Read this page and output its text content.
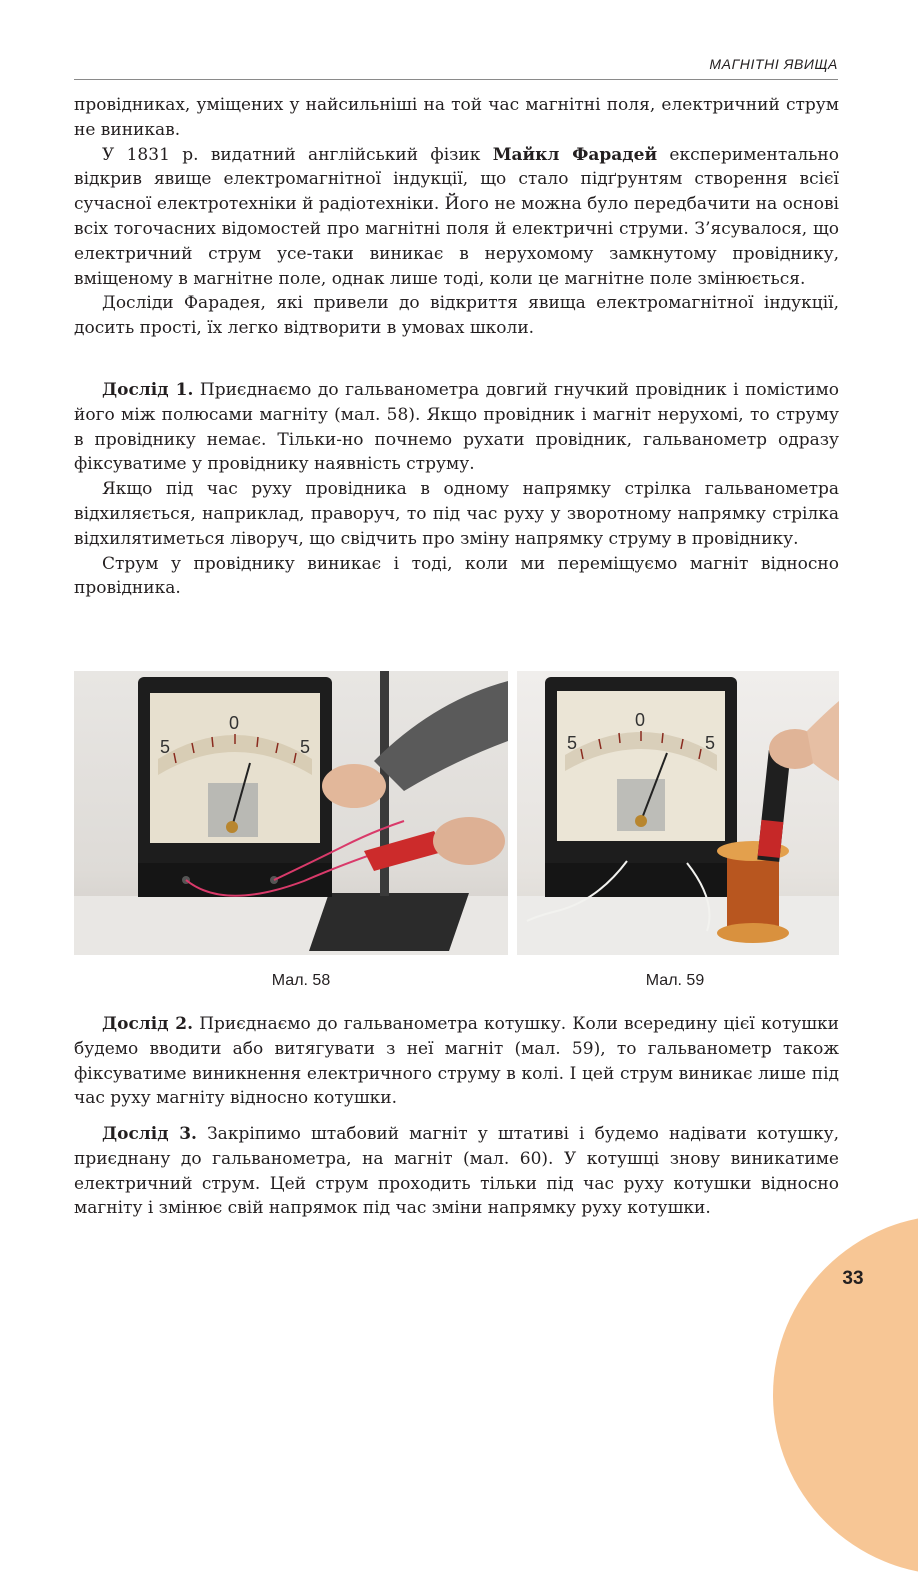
МАГНІТНІ ЯВИЩА

провідниках, уміщених у найсильніші на той час магнітні поля, електричний струм не виникав.

У 1831 р. видатний англійський фізик Майкл Фарадей експериментально відкрив явище електромагнітної індукції, що стало підґрунтям створення всієї сучасної електротехніки й радіотехніки. Його не можна було передбачити на основі всіх тогочасних відомостей про магнітні поля й електричні струми. З’ясувалося, що електричний струм усе-таки виникає в нерухомому замкнутому провіднику, вміщеному в магнітне поле, однак лише тоді, коли це магнітне поле змінюється.

Досліди Фарадея, які привели до відкриття явища електромагнітної індукції, досить прості, їх легко відтворити в умовах школи.

Дослід 1. Приєднаємо до гальванометра довгий гнучкий провідник і помістимо його між полюсами магніту (мал. 58). Якщо провідник і магніт нерухомі, то струму в провіднику немає. Тільки-но почнемо рухати провідник, гальванометр одразу фіксуватиме у провіднику наявність струму.

Якщо під час руху провідника в одному напрямку стрілка гальванометра відхиляється, наприклад, праворуч, то під час руху у зворотному напрямку стрілка відхилятиметься ліворуч, що свідчить про зміну напрямку струму в провіднику.

Струм у провіднику виникає і тоді, коли ми переміщуємо магніт відносно провідника.

5
0
5	5
0
5
Мал. 58	Мал. 59

Дослід 2. Приєднаємо до гальванометра котушку. Коли всередину цієї котушки будемо вводити або витягувати з неї магніт (мал. 59), то гальванометр також фіксуватиме виникнення електричного струму в колі. І цей струм виникає лише під час руху магніту відносно котушки.

Дослід 3. Закріпимо штабовий магніт у штативі і будемо надівати котушку, приєднану до гальванометра, на магніт (мал. 60). У котушці знову виникатиме електричний струм. Цей струм проходить тільки під час руху котушки відносно магніту і змінює свій напрямок під час зміни напрямку руху котушки.

33
